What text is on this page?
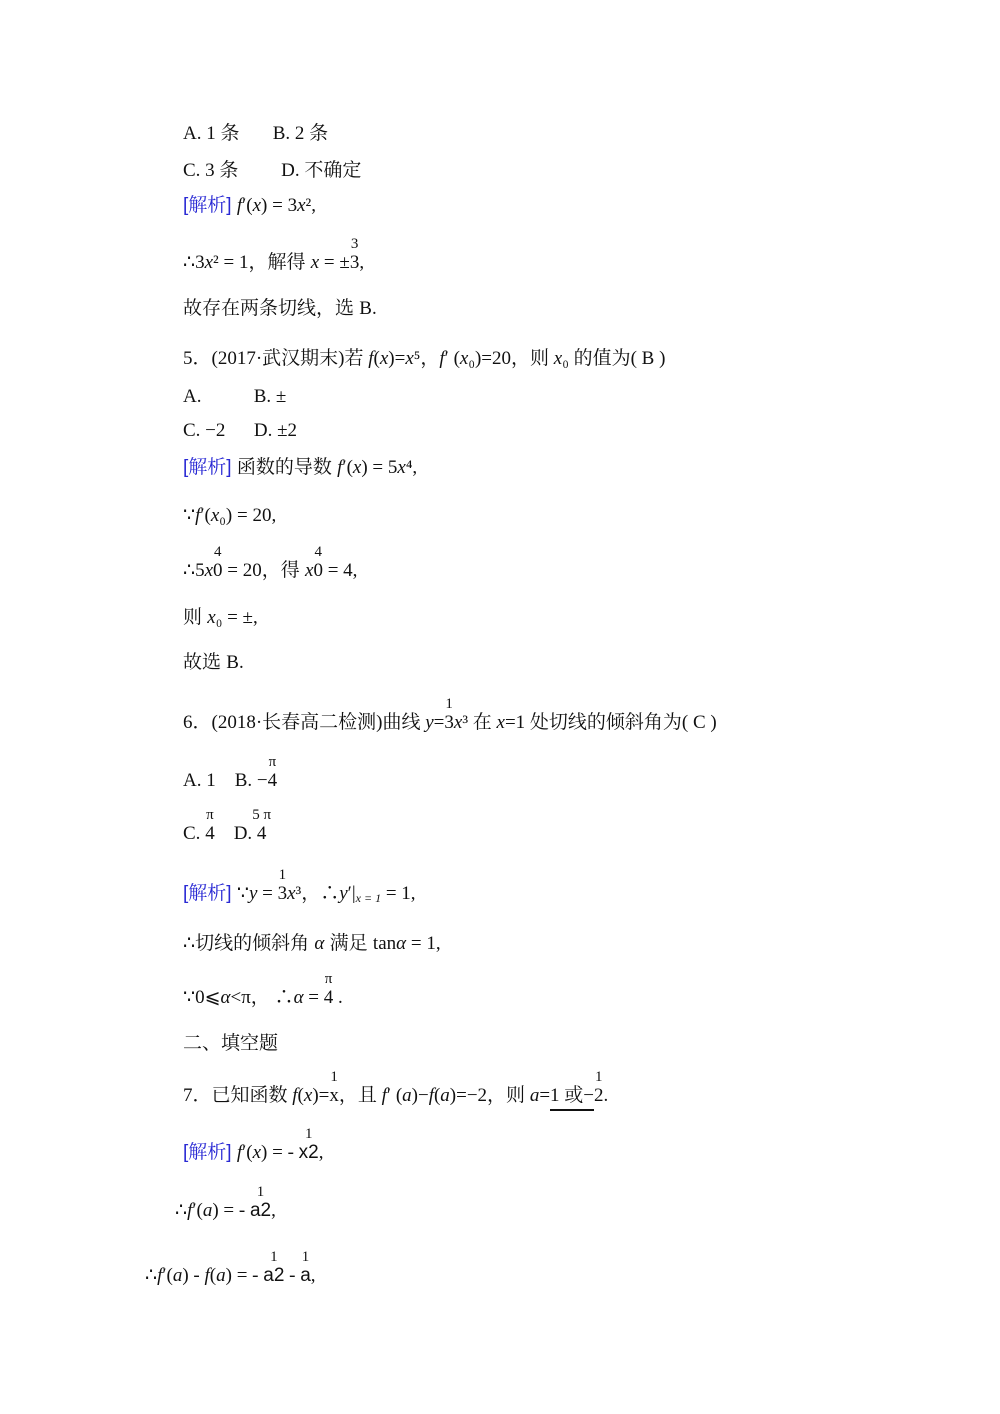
A. 1 条       B. 2 条
C. 3 条         D. 不确定
[解析] f ′( x ) = 3 x ²,
∴3 x ² = 1， 解得 x = ±
3
3 ,
故存在两条切线，选 B.
5．(2017·武汉期末)若 f ( x )= x ⁵， f ′ ( x ₀)=20，则 x ₀ 的值为( B )
A.           B. ±
C. −2      D. ±2
[解析] 函数的导数 f ′( x ) = 5 x ⁴,
∵ f ′( x ₀) = 20,
∴5 x
4
0 = 20， 得 x
4
0 = 4,
则 x ₀ = ±,
故选 B.
6．(2018·长春高二检测)曲线 y =
1
3 x ³ 在 x =1 处切线的倾斜角为( C )
A. 1    B. −
π
4
C.
π
4 D.
5 π
4
[解析] ∵ y =
1
3 x ³，∴ y ′| x = 1 = 1,
∴ 切线的倾斜角 α 满足 tan α = 1,
∵0⩽ α <π， ∴ α =
π
4 .
二、填空题
7．已知函数 f ( x )=
1
x ，且 f ′ ( a )− f ( a )=−2，则 a = 1 或−
1
2 .
[解析] f ′( x ) = -
1
x2 ,
∴ f ′( a ) = -
1
a2 ,
∴ f ′( a ) - f ( a ) = -
1
a2 -
1
a ,
